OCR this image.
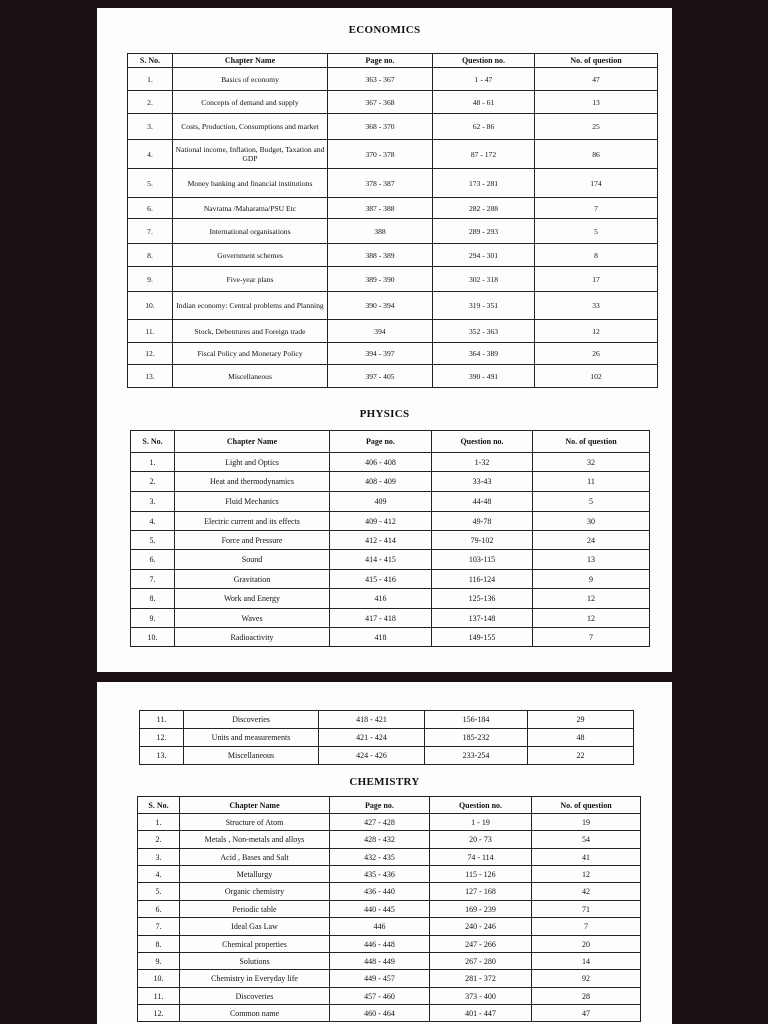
ECONOMICS
S. No.	Chapter Name	Page no.	Question no.	No. of question
1.	Basics of economy	363 - 367	1 - 47	47
2.	Concepts of demand and supply	367 - 368	48 - 61	13
3.	Costs, Production, Consumptions and market	368 - 370	62 - 86	25
4.	National income, Inflation, Budget, Taxation and GDP	370 - 378	87 - 172	86
5.	Money banking and financial institutions	378 - 387	173 - 281	174
6.	Navratna /Maharatna/PSU Etc	387 - 388	282 - 288	7
7.	International organisations	388	289 - 293	5
8.	Government schemes	388 - 389	294 - 301	8
9.	Five-year plans	389 - 390	302 - 318	17
10.	Indian economy: Central problems and Planning	390 - 394	319 - 351	33
11.	Stock, Debentures and Foreign trade	394	352 - 363	12
12.	Fiscal Policy and Monetary Policy	394 - 397	364 - 389	26
13.	Miscellaneous	397 - 405	390 - 491	102
PHYSICS
S. No.	Chapter Name	Page no.	Question no.	No. of question
1.	Light and Optics	406 - 408	1-32	32
2.	Heat and thermodynamics	408 - 409	33-43	11
3.	Fluid Mechanics	409	44-48	5
4.	Electric current and its effects	409 - 412	49-78	30
5.	Force and Pressure	412 - 414	79-102	24
6.	Sound	414 - 415	103-115	13
7.	Gravitation	415 - 416	116-124	9
8.	Work and Energy	416	125-136	12
9.	Waves	417 - 418	137-148	12
10.	Radioactivity	418	149-155	7
11.	Discoveries	418 - 421	156-184	29
12.	Units and measurements	421 - 424	185-232	48
13.	Miscellaneous	424 - 426	233-254	22
CHEMISTRY
S. No.	Chapter Name	Page no.	Question no.	No. of question
1.	Structure of Atom	427 - 428	1 - 19	19
2.	Metals , Non-metals and alloys	428 - 432	20 - 73	54
3.	Acid , Bases and Salt	432 - 435	74 - 114	41
4.	Metallurgy	435 - 436	115 - 126	12
5.	Organic chemistry	436 - 440	127 - 168	42
6.	Periodic table	440 - 445	169 - 239	71
7.	Ideal Gas Law	446	240 - 246	7
8.	Chemical properties	446 - 448	247 - 266	20
9.	Solutions	448 - 449	267 - 280	14
10.	Chemistry in Everyday life	449 - 457	281 - 372	92
11.	Discoveries	457 - 460	373 - 400	28
12.	Common name	460 - 464	401 - 447	47
